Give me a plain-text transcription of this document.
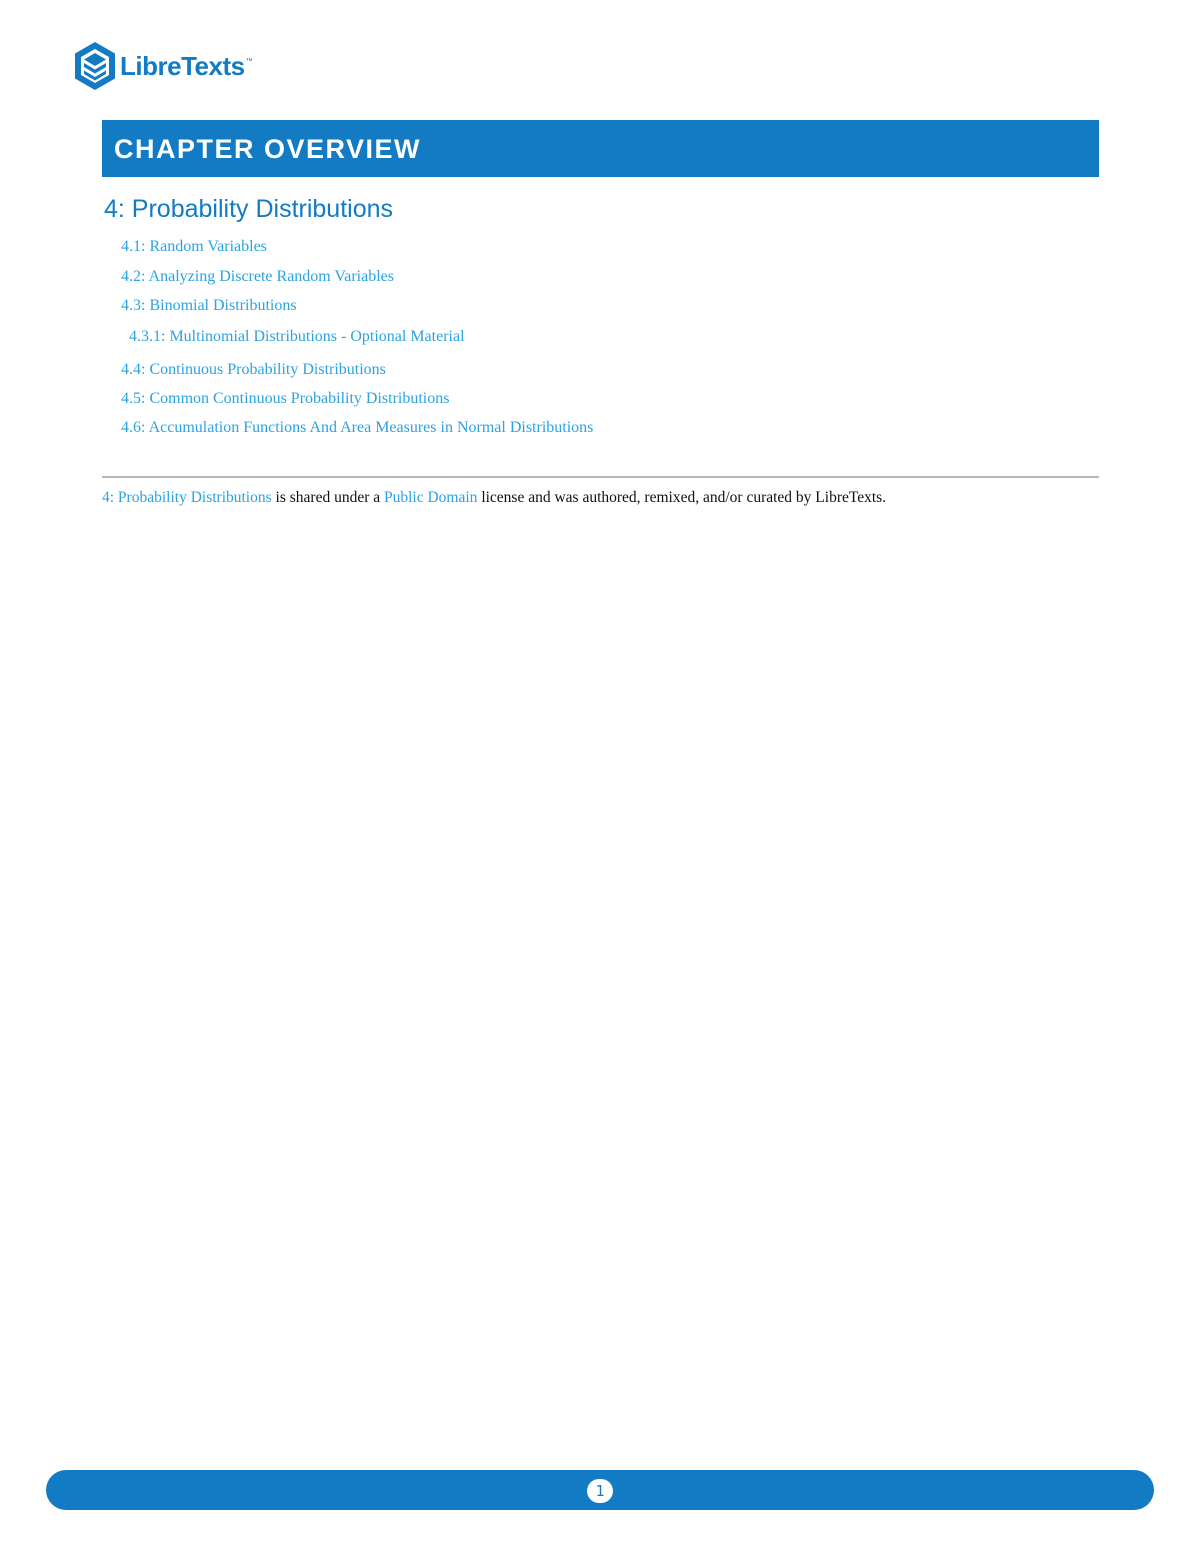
LibreTexts ™
CHAPTER OVERVIEW
4: Probability Distributions
4.1: Random Variables
4.2: Analyzing Discrete Random Variables
4.3: Binomial Distributions
4.3.1: Multinomial Distributions - Optional Material
4.4: Continuous Probability Distributions
4.5: Common Continuous Probability Distributions
4.6: Accumulation Functions And Area Measures in Normal Distributions
4: Probability Distributions is shared under a Public Domain license and was authored, remixed, and/or curated by LibreTexts.
1
